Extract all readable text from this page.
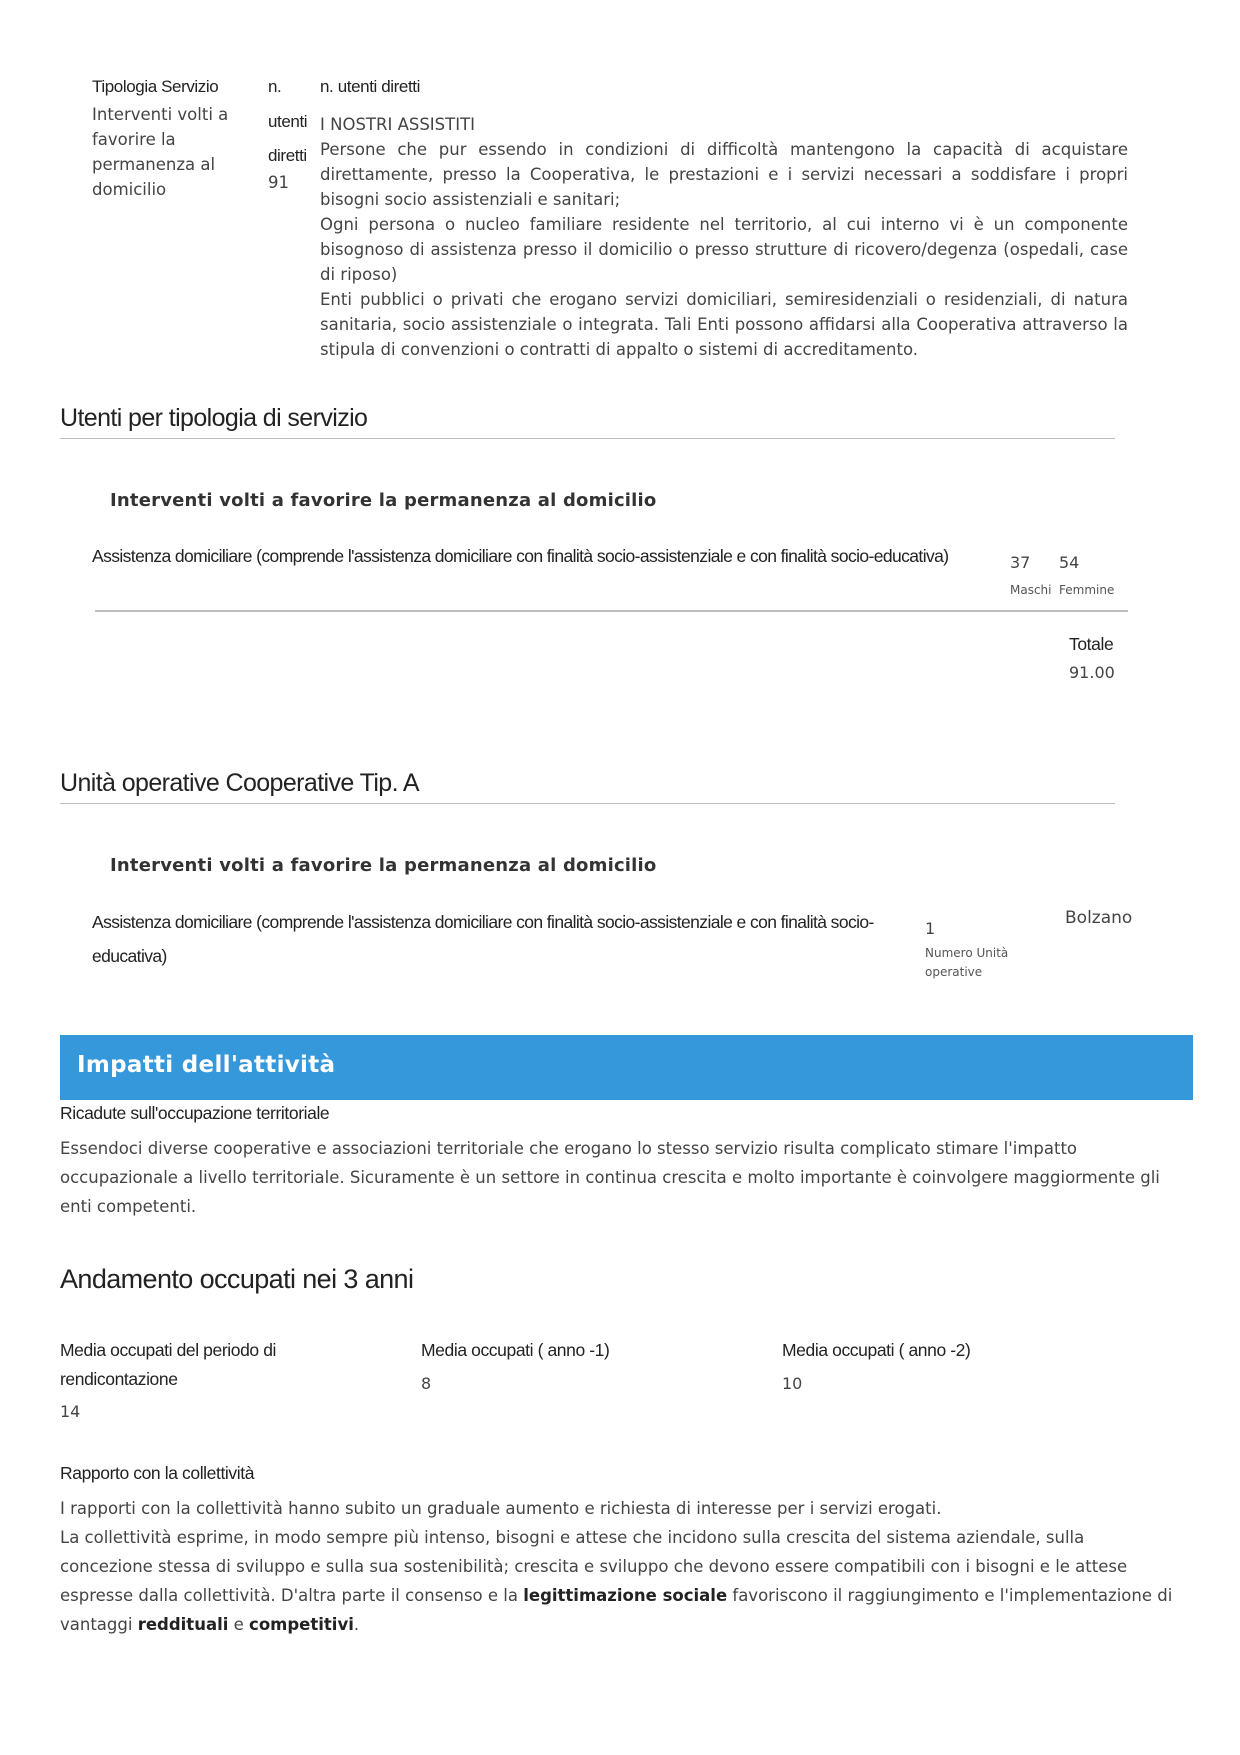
Tipologia Servizio
Interventi volti a favorire la permanenza al domicilio
n.
utenti
diretti
91
n. utenti diretti
I NOSTRI ASSISTITI
Persone che pur essendo in condizioni di difficoltà mantengono la capacità di acquistare direttamente, presso la Cooperativa, le prestazioni e i servizi necessari a soddisfare i propri bisogni socio assistenziali e sanitari;
Ogni persona o nucleo familiare residente nel territorio, al cui interno vi è un componente bisognoso di assistenza presso il domicilio o presso strutture di ricovero/degenza (ospedali, case di riposo)
Enti pubblici o privati che erogano servizi domiciliari, semiresidenziali o residenziali, di natura sanitaria, socio assistenziale o integrata. Tali Enti possono affidarsi alla Cooperativa attraverso la stipula di convenzioni o contratti di appalto o sistemi di accreditamento.
Utenti per tipologia di servizio
Interventi volti a favorire la permanenza al domicilio
Assistenza domiciliare (comprende l'assistenza domiciliare con finalità socio-assistenziale e con finalità socio-educativa)	37
Maschi
54
Femmine
Totale
91.00
Unità operative Cooperative Tip. A
Interventi volti a favorire la permanenza al domicilio
Assistenza domiciliare (comprende l'assistenza domiciliare con finalità socio-assistenziale e con finalità socio-
educativa)
1
Numero Unità
operative
Bolzano
Impatti dell'attività
Ricadute sull'occupazione territoriale
Essendoci diverse cooperative e associazioni territoriale che erogano lo stesso servizio risulta complicato stimare l'impatto
occupazionale a livello territoriale. Sicuramente è un settore in continua crescita e molto importante è coinvolgere maggiormente gli
enti competenti.
Andamento occupati nei 3 anni
Media occupati del periodo di
rendicontazione
14
Media occupati ( anno -1)
8
Media occupati ( anno -2)
10
Rapporto con la collettività
I rapporti con la collettività hanno subito un graduale aumento e richiesta di interesse per i servizi erogati.
La collettività esprime, in modo sempre più intenso, bisogni e attese che incidono sulla crescita del sistema aziendale, sulla
concezione stessa di sviluppo e sulla sua sostenibilità; crescita e sviluppo che devono essere compatibili con i bisogni e le attese
espresse dalla collettività. D'altra parte il consenso e la legittimazione sociale favoriscono il raggiungimento e l'implementazione di
vantaggi reddituali e competitivi.
